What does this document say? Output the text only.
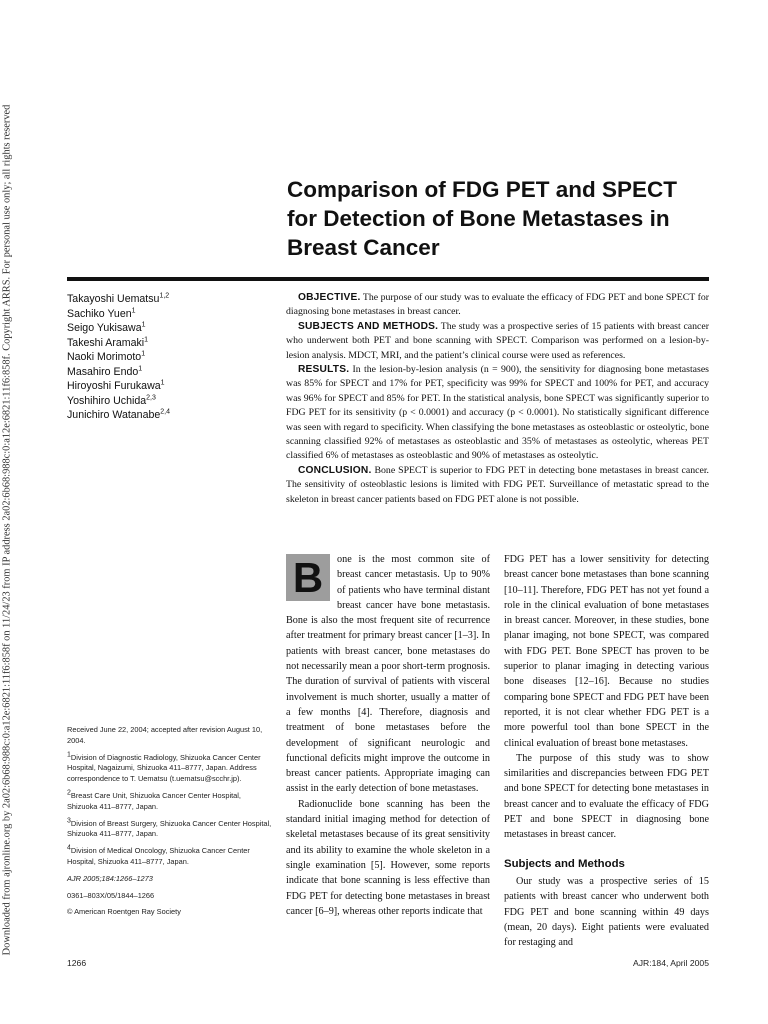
Downloaded from ajronline.org by 2a02:6b68:988c:0:a12e:6821:11f6:858f on 11/24/23 from IP address 2a02:6b68:988c:0:a12e:6821:11f6:858f. Copyright ARRS. For personal use only; all rights reserved	Comparison of FDG PET and SPECT for Detection of Bone Metastases in Breast Cancer
Takayoshi Uematsu$^{1,2}$
Sachiko Yuen$^1$
Seigo Yukisawa$^1$
Takeshi Aramaki$^1$
Naoki Morimoto$^1$
Masahiro Endo$^1$
Hiroyoshi Furukawa$^1$
Yoshihiro Uchida$^{2,3}$
Junichiro Watanabe$^{2,4}$

OBJECTIVE. The purpose of our study was to evaluate the efficacy of FDG PET and bone SPECT for diagnosing bone metastases in breast cancer.

SUBJECTS AND METHODS. The study was a prospective series of 15 patients with breast cancer who underwent both PET and bone scanning with SPECT. Comparison was performed on a lesion-by-lesion analysis. MDCT, MRI, and the patient’s clinical course were used as references.

RESULTS. In the lesion-by-lesion analysis (n = 900), the sensitivity for diagnosing bone metastases was 85% for SPECT and 17% for PET, specificity was 99% for SPECT and 100% for PET, and accuracy was 96% for SPECT and 85% for PET. In the statistical analysis, bone SPECT was significantly superior to FDG PET for its sensitivity (p < 0.0001) and accuracy (p < 0.0001). No statistically significant difference was seen with regard to specificity. When classifying the bone metastases as osteoblastic or osteolytic, bone scanning classified 92% of metastases as osteoblastic and 35% of metastases as osteolytic, whereas PET classified 6% of metastases as osteoblastic and 90% of metastases as osteolytic.

CONCLUSION. Bone SPECT is superior to FDG PET in detecting bone metastases in breast cancer. The sensitivity of osteoblastic lesions is limited with FDG PET. Surveillance of metastatic spread to the skeleton in breast cancer patients based on FDG PET alone is not possible.

Received June 22, 2004; accepted after revision August 10, 2004.

$^1$Division of Diagnostic Radiology, Shizuoka Cancer Center Hospital, Nagaizumi, Shizuoka 411–8777, Japan. Address correspondence to T. Uematsu (t.uematsu@scchr.jp).

$^2$Breast Care Unit, Shizuoka Cancer Center Hospital, Shizuoka 411–8777, Japan.

$^3$Division of Breast Surgery, Shizuoka Cancer Center Hospital, Shizuoka 411–8777, Japan.

$^4$Division of Medical Oncology, Shizuoka Cancer Center Hospital, Shizuoka 411–8777, Japan.

AJR 2005;184:1266–1273

0361–803X/05/1844–1266

© American Roentgen Ray Society

B	one is the most common site of breast cancer metastasis. Up to 90% of patients who have terminal distant breast cancer have bone metastasis. Bone is also the most frequent site of recurrence after treatment for primary breast cancer [1–3]. In patients with breast cancer, bone metastases do not necessarily mean a poor short-term prognosis. The duration of survival of patients with visceral involvement is much shorter, usually a matter of a few months [4]. Therefore, diagnosis and treatment of bone metastases before the development of significant neurologic and functional deficits might improve the outcome in breast cancer patients. Appropriate imaging can assist in the early detection of bone metastases.

Radionuclide bone scanning has been the standard initial imaging method for detection of skeletal metastases because of its great sensitivity and its ability to examine the whole skeleton in a single examination [5]. However, some reports indicate that bone scanning is less effective than FDG PET for detecting bone metastases in breast cancer [6–9], whereas other reports indicate that

FDG PET has a lower sensitivity for detecting breast cancer bone metastases than bone scanning [10–11]. Therefore, FDG PET has not yet found a role in the clinical evaluation of bone metastases in breast cancer. Moreover, in these studies, bone planar imaging, not bone SPECT, was compared with FDG PET. Bone SPECT has proven to be superior to planar imaging in detecting various bone diseases [12–16]. Because no studies comparing bone SPECT and FDG PET have been reported, it is not clear whether FDG PET is a more powerful tool than bone SPECT in the clinical evaluation of breast bone metastases.

The purpose of this study was to show similarities and discrepancies between FDG PET and bone SPECT for detecting bone metastases in breast cancer and to evaluate the efficacy of FDG PET and bone SPECT in diagnosing bone metastases in breast cancer.

Subjects and Methods

Our study was a prospective series of 15 patients with breast cancer who underwent both FDG PET and bone scanning within 49 days (mean, 20 days). Eight patients were evaluated for restaging and

1266	AJR:184, April 2005
